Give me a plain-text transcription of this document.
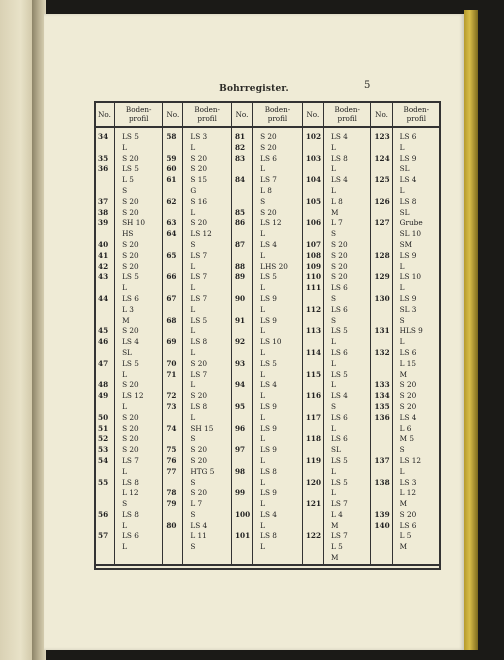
Bohrregister.	5
No.	Boden-
profil	No.	Boden-
profil	No.	Boden-
profil	No.	Boden-
profil	No.	Boden-
profil
34	LS 5	58	LS 3	81	S 20	102	LS 4	123	LS 6
	L		L	82	S 20		L		L
35	S 20	59	S 20	83	LS 6	103	LS 8	124	LS 9
36	LS 5	60	S 20		L		L		SL
	L 5	61	S 15	84	LS 7	104	LS 4	125	LS 4
	S		G		L 8		L		L
37	S 20	62	S 16		S	105	L 8	126	LS 8
38	S 20		L	85	S 20		M		SL
39	SH 10	63	S 20	86	LS 12	106	L 7	127	Grube
	HS	64	LS 12		L		S		SL 10
40	S 20		S	87	LS 4	107	S 20		SM
41	S 20	65	LS 7		L	108	S 20	128	LS 9
42	S 20		L	88	LHS 20	109	S 20		L
43	LS 5	66	LS 7	89	LS 5	110	S 20	129	LS 10
	L		L		L	111	LS 6		L
44	LS 6	67	LS 7	90	LS 9		S	130	LS 9
	L 3		L		L	112	LS 6		SL 3
	M	68	LS 5	91	LS 9		S		S
45	S 20		L		L	113	LS 5	131	HLS 9
46	LS 4	69	LS 8	92	LS 10		L		L
	SL		L		L	114	LS 6	132	LS 6
47	LS 5	70	S 20	93	LS 5		L		L 15
	L	71	LS 7		L	115	LS 5		M
48	S 20		L	94	LS 4		L	133	S 20
49	LS 12	72	S 20		L	116	LS 4	134	S 20
	L	73	LS 8	95	LS 9		S	135	S 20
50	S 20		L		L	117	LS 6	136	LS 4
51	S 20	74	SH 15	96	LS 9		L		L 6
52	S 20		S		L	118	LS 6		M 5
53	S 20	75	S 20	97	LS 9		SL		S
54	LS 7	76	S 20		L	119	LS 5	137	LS 12
	L	77	HTG 5	98	LS 8		L		L
55	LS 8		S		L	120	LS 5	138	LS 3
	L 12	78	S 20	99	LS 9		L		L 12
	S	79	L 7		L	121	LS 7		M
56	LS 8		S	100	LS 4		L 4	139	S 20
	L	80	LS 4		L		M	140	LS 6
57	LS 6		L 11	101	LS 8	122	LS 7		L 5
	L		S		L		L 5		M
							M		
